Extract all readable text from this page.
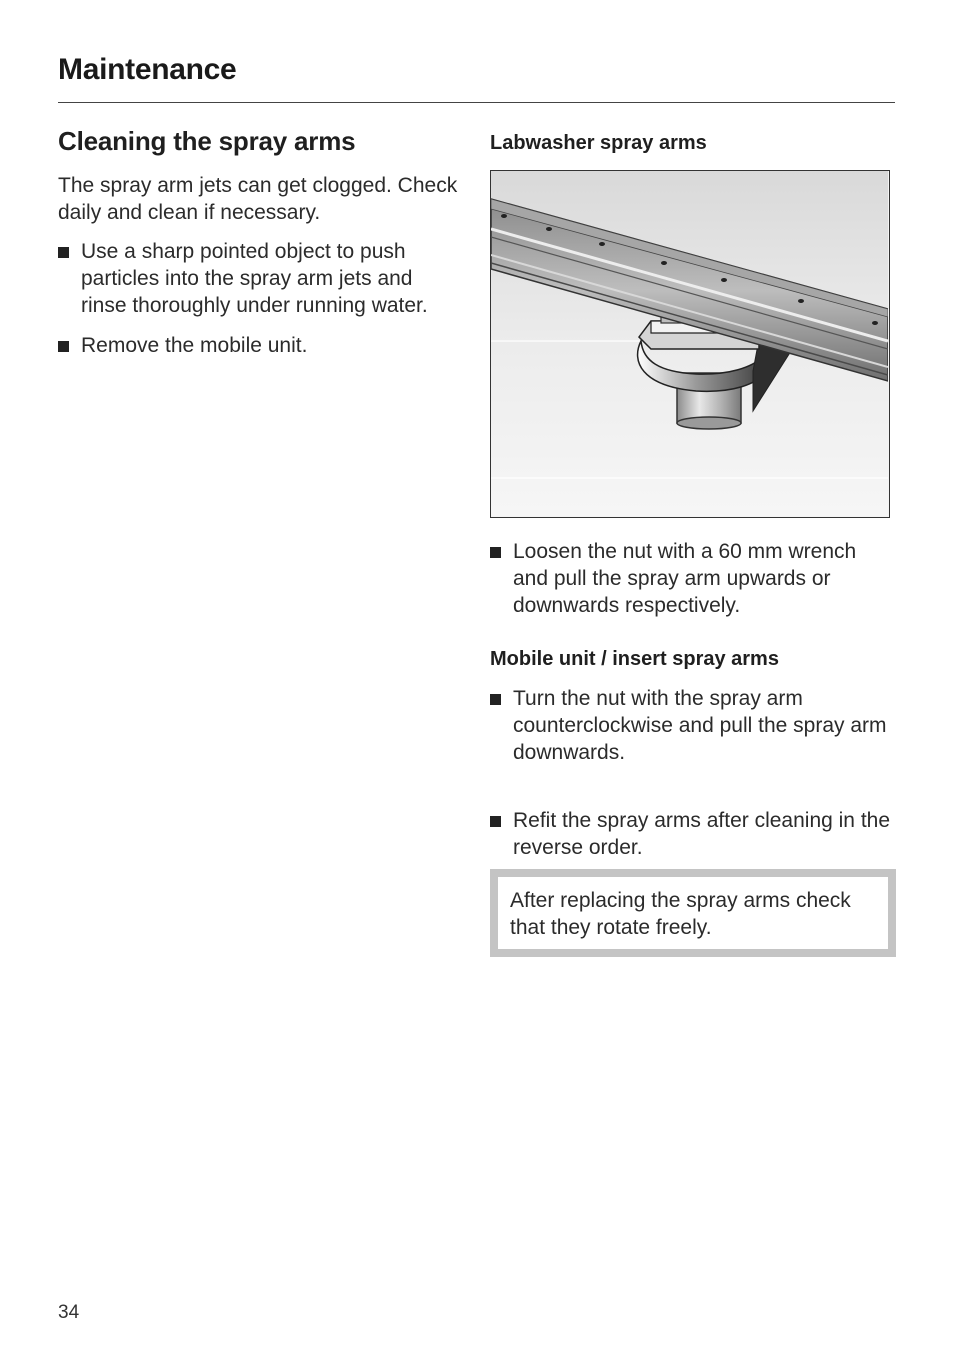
Maintenance
Cleaning the spray arms

The spray arm jets can get clogged. Check daily and clean if necessary.

Use a sharp pointed object to push particles into the spray arm jets and rinse thoroughly under running water.
Remove the mobile unit.
Labwasher spray arms
Loosen the nut with a 60 mm wrench and pull the spray arm upwards or downwards respectively.
Mobile unit / insert spray arms
Turn the nut with the spray arm counterclockwise and pull the spray arm downwards.
Refit the spray arms after cleaning in the reverse order.
After replacing the spray arms check that they rotate freely.
34
